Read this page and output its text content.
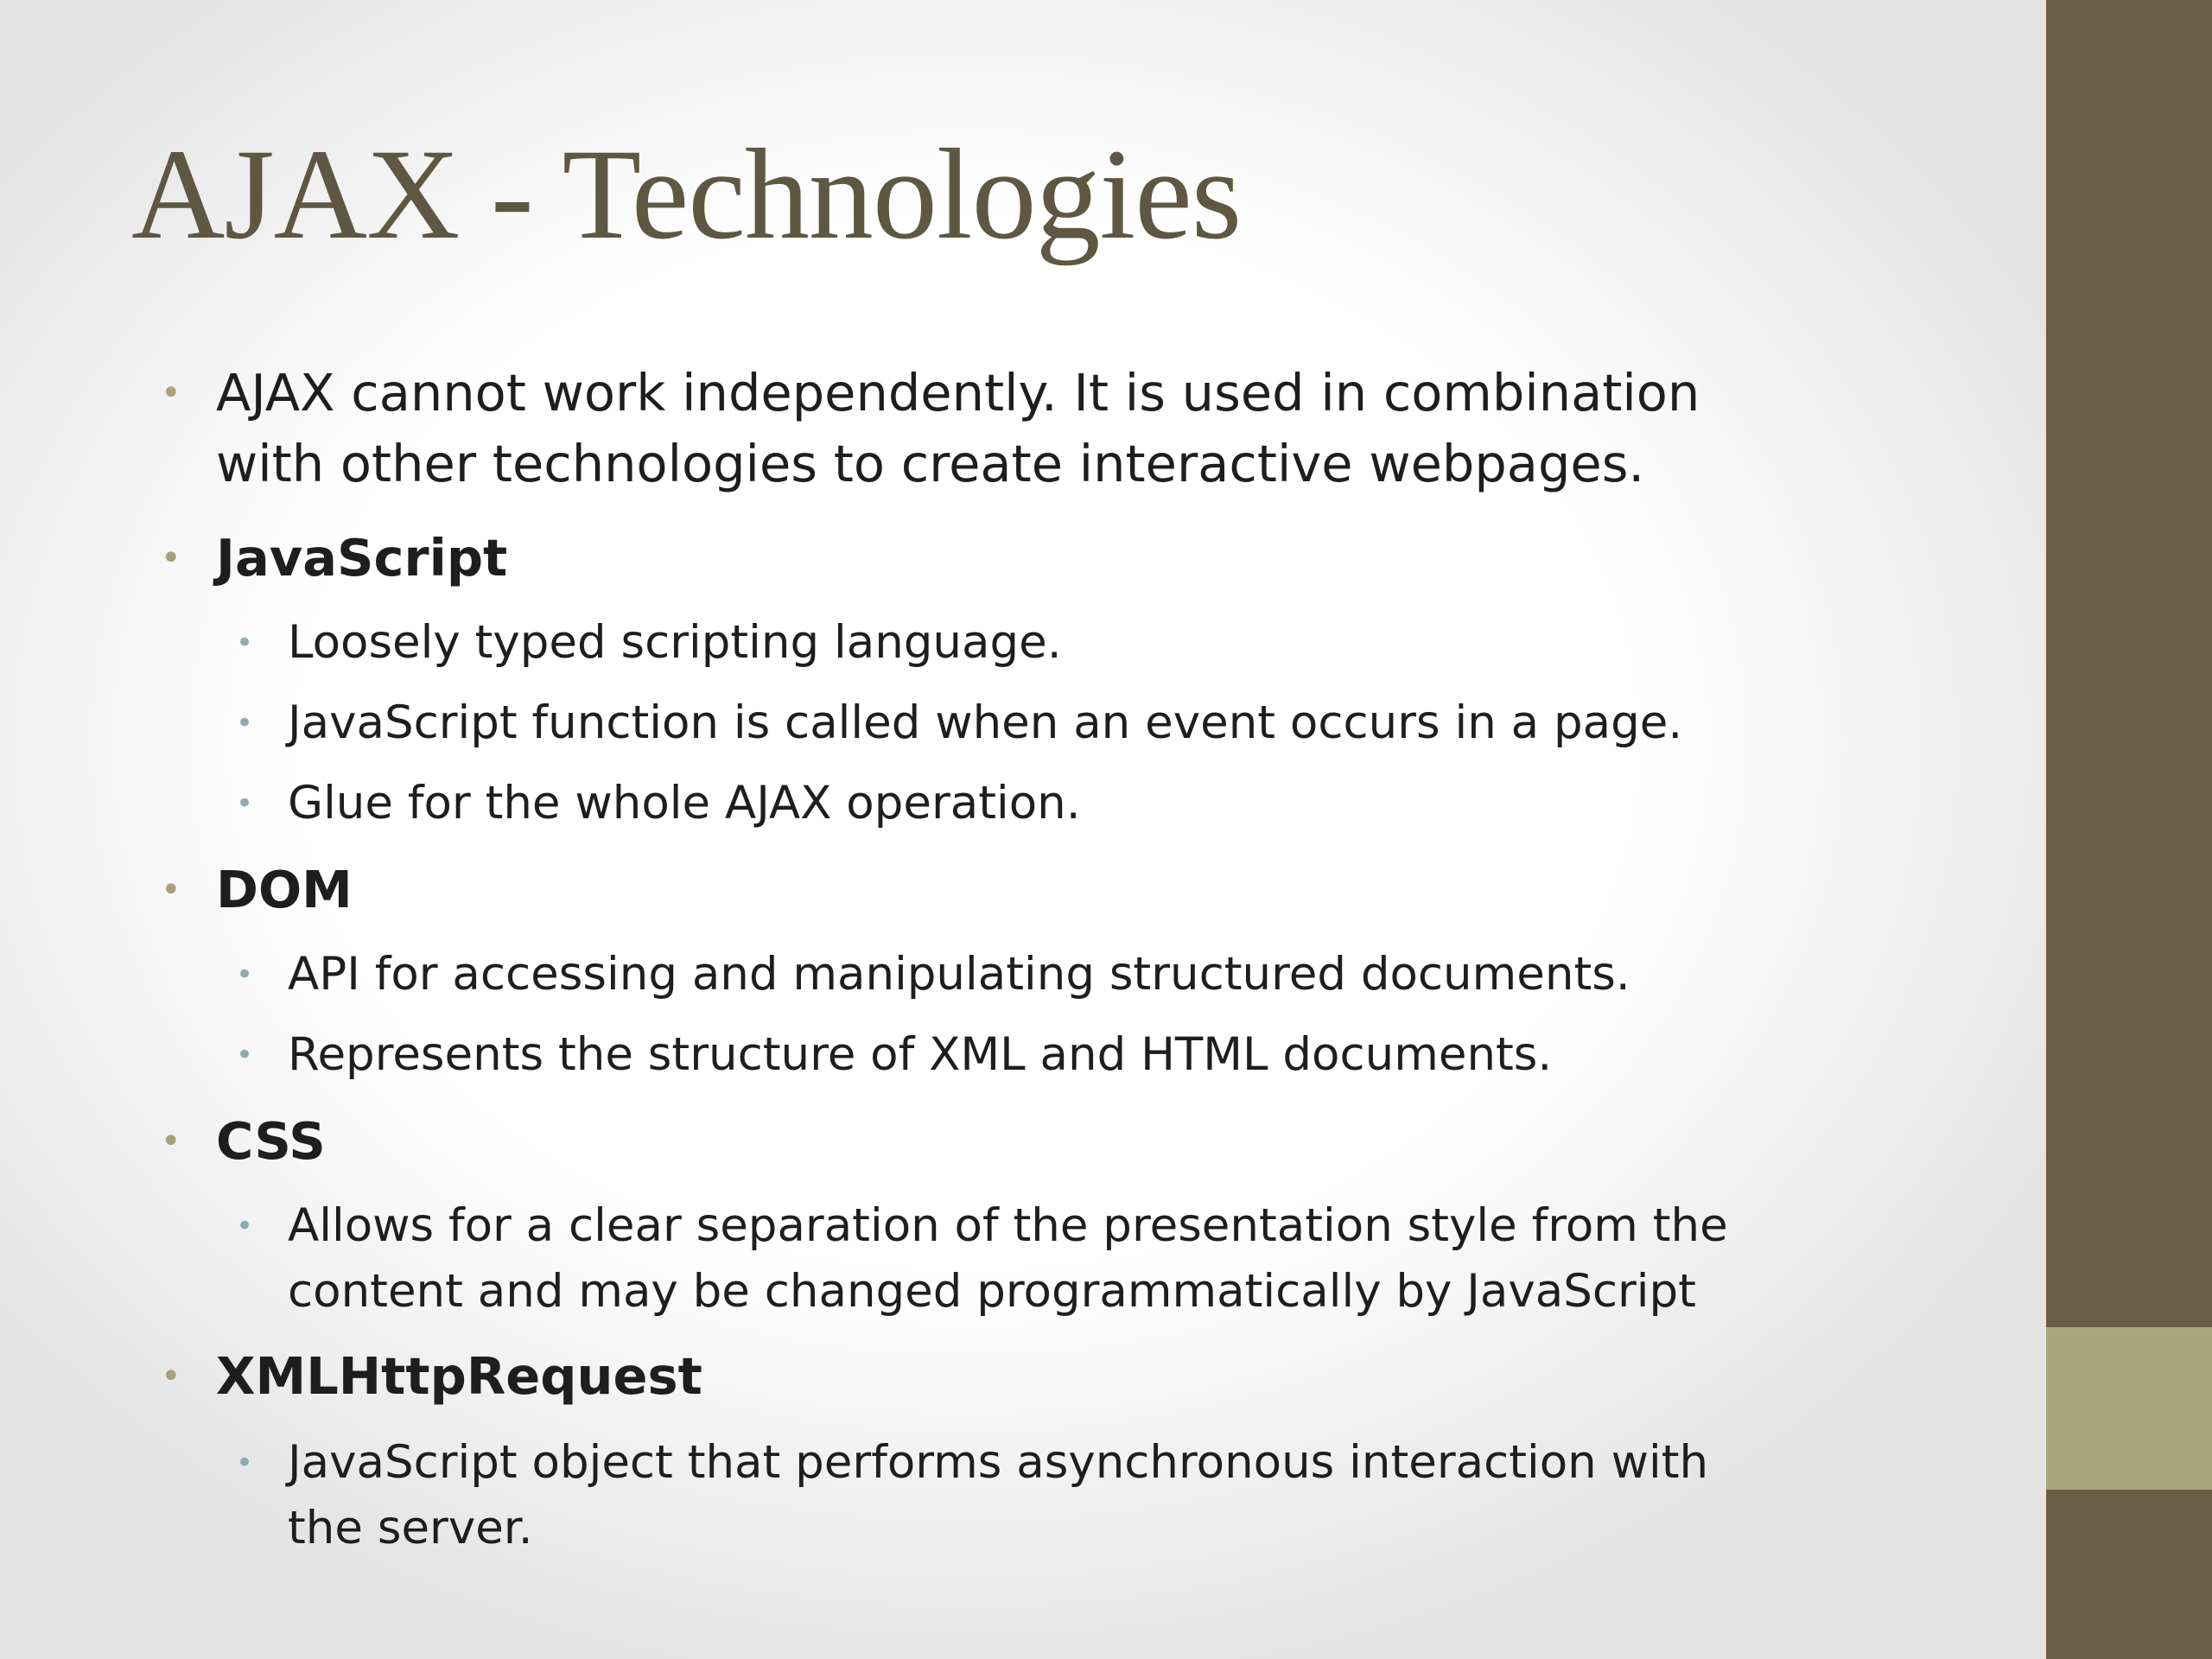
AJAX - Technologies
• AJAX cannot work independently. It is used in combination
with other technologies to create interactive webpages.
• JavaScript
• Loosely typed scripting language.
• JavaScript function is called when an event occurs in a page.
• Glue for the whole AJAX operation.
• DOM
• API for accessing and manipulating structured documents.
• Represents the structure of XML and HTML documents.
• CSS
• Allows for a clear separation of the presentation style from the
content and may be changed programmatically by JavaScript
• XMLHttpRequest
• JavaScript object that performs asynchronous interaction with
the server.
